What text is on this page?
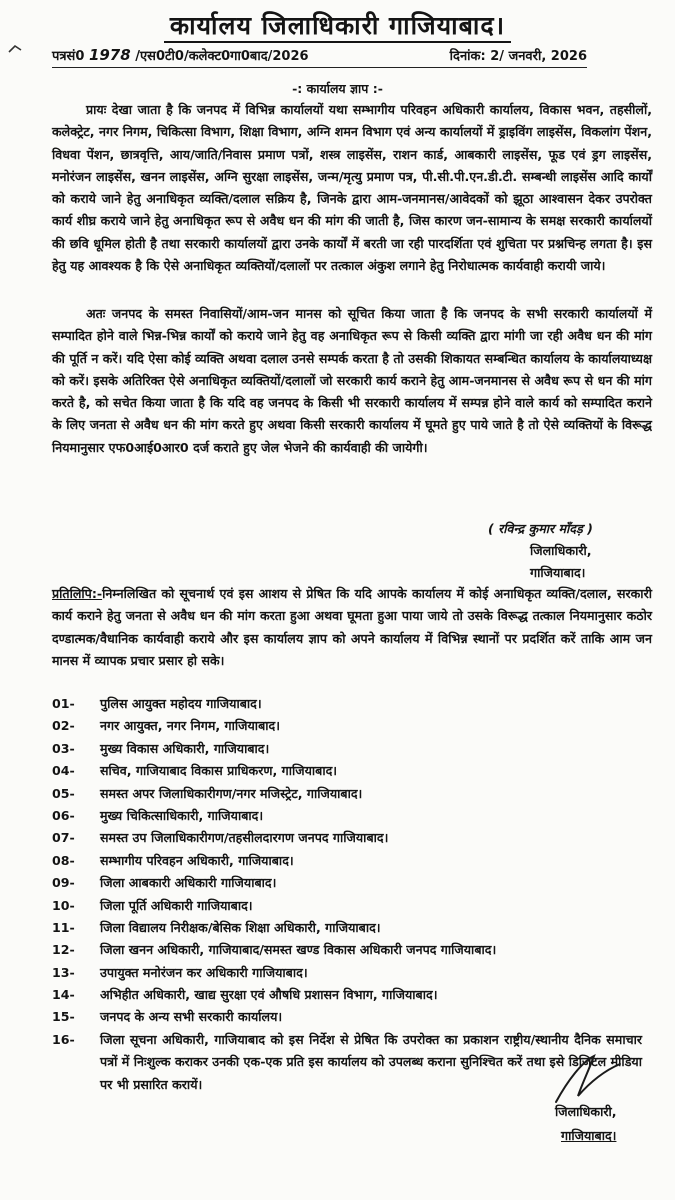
कार्यालय जिलाधिकारी गाजियाबाद।
पत्रसं0 1978 /एस0टी0/कलेक्ट0गा0बाद/2026	दिनांक: 2/ जनवरी, 2026
-: कार्यालय ज्ञाप :-

प्रायः देखा जाता है कि जनपद में विभिन्न कार्यालयों यथा सम्भागीय परिवहन अधिकारी कार्यालय, विकास भवन, तहसीलों, कलेक्ट्रेट, नगर निगम, चिकित्सा विभाग, शिक्षा विभाग, अग्नि शमन विभाग एवं अन्य कार्यालयों में ड्राइविंग लाइसेंस, विकलांग पेंशन, विधवा पेंशन, छात्रवृत्ति, आय/जाति/निवास प्रमाण पत्रों, शस्त्र लाइसेंस, राशन कार्ड, आबकारी लाइसेंस, फूड एवं ड्रग लाइसेंस, मनोरंजन लाइसेंस, खनन लाइसेंस, अग्नि सुरक्षा लाइसेंस, जन्म/मृत्यु प्रमाण पत्र, पी.सी.पी.एन.डी.टी. सम्बन्धी लाइसेंस आदि कार्यों को कराये जाने हेतु अनाधिकृत व्यक्ति/दलाल सक्रिय है, जिनके द्वारा आम-जनमानस/आवेदकों को झूठा आश्वासन देकर उपरोक्त कार्य शीघ्र कराये जाने हेतु अनाधिकृत रूप से अवैध धन की मांग की जाती है, जिस कारण जन-सामान्य के समक्ष सरकारी कार्यालयों की छवि धूमिल होती है तथा सरकारी कार्यालयों द्वारा उनके कार्यों में बरती जा रही पारदर्शिता एवं शुचिता पर प्रश्नचिन्ह लगता है। इस हेतु यह आवश्यक है कि ऐसे अनाधिकृत व्यक्तियों/दलालों पर तत्काल अंकुश लगाने हेतु निरोधात्मक कार्यवाही करायी जाये।

अतः जनपद के समस्त निवासियों/आम-जन मानस को सूचित किया जाता है कि जनपद के सभी सरकारी कार्यालयों में सम्पादित होने वाले भिन्न-भिन्न कार्यों को कराये जाने हेतु वह अनाधिकृत रूप से किसी व्यक्ति द्वारा मांगी जा रही अवैध धन की मांग की पूर्ति न करें। यदि ऐसा कोई व्यक्ति अथवा दलाल उनसे सम्पर्क करता है तो उसकी शिकायत सम्बन्धित कार्यालय के कार्यालयाध्यक्ष को करें। इसके अतिरिक्त ऐसे अनाधिकृत व्यक्तियों/दलालों जो सरकारी कार्य कराने हेतु आम-जनमानस से अवैध रूप से धन की मांग करते है, को सचेत किया जाता है कि यदि वह जनपद के किसी भी सरकारी कार्यालय में सम्पन्न होने वाले कार्य को सम्पादित कराने के लिए जनता से अवैध धन की मांग करते हुए अथवा किसी सरकारी कार्यालय में घूमते हुए पाये जाते है तो ऐसे व्यक्तियों के विरूद्ध नियमानुसार एफ0आई0आर0 दर्ज कराते हुए जेल भेजने की कार्यवाही की जायेगी।

( रविन्द्र कुमार माँदड़ )
जिलाधिकारी,
गाजियाबाद।

प्रतिलिपि:-निम्नलिखित को सूचनार्थ एवं इस आशय से प्रेषित कि यदि आपके कार्यालय में कोई अनाधिकृत व्यक्ति/दलाल, सरकारी कार्य कराने हेतु जनता से अवैध धन की मांग करता हुआ अथवा घूमता हुआ पाया जाये तो उसके विरूद्ध तत्काल नियमानुसार कठोर दण्डात्मक/वैधानिक कार्यवाही कराये और इस कार्यालय ज्ञाप को अपने कार्यालय में विभिन्न स्थानों पर प्रदर्शित करें ताकि आम जन मानस में व्यापक प्रचार प्रसार हो सके।

01-	पुलिस आयुक्त महोदय गाजियाबाद।
02-	नगर आयुक्त, नगर निगम, गाजियाबाद।
03-	मुख्य विकास अधिकारी, गाजियाबाद।
04-	सचिव, गाजियाबाद विकास प्राधिकरण, गाजियाबाद।
05-	समस्त अपर जिलाधिकारीगण/नगर मजिस्ट्रेट, गाजियाबाद।
06-	मुख्य चिकित्साधिकारी, गाजियाबाद।
07-	समस्त उप जिलाधिकारीगण/तहसीलदारगण जनपद गाजियाबाद।
08-	सम्भागीय परिवहन अधिकारी, गाजियाबाद।
09-	जिला आबकारी अधिकारी गाजियाबाद।
10-	जिला पूर्ति अधिकारी गाजियाबाद।
11-	जिला विद्यालय निरीक्षक/बेसिक शिक्षा अधिकारी, गाजियाबाद।
12-	जिला खनन अधिकारी, गाजियाबाद/समस्त खण्ड विकास अधिकारी जनपद गाजियाबाद।
13-	उपायुक्त मनोरंजन कर अधिकारी गाजियाबाद।
14-	अभिहीत अधिकारी, खाद्य सुरक्षा एवं औषधि प्रशासन विभाग, गाजियाबाद।
15-	जनपद के अन्य सभी सरकारी कार्यालय।
16-	जिला सूचना अधिकारी, गाजियाबाद को इस निर्देश से प्रेषित कि उपरोक्त का प्रकाशन राष्ट्रीय/स्थानीय दैनिक समाचार पत्रों में निःशुल्क कराकर उनकी एक-एक प्रति इस कार्यालय को उपलब्ध कराना सुनिश्चित करें तथा इसे डिजिटल मीडिया पर भी प्रसारित करायें।
जिलाधिकारी,
गाजियाबाद।
